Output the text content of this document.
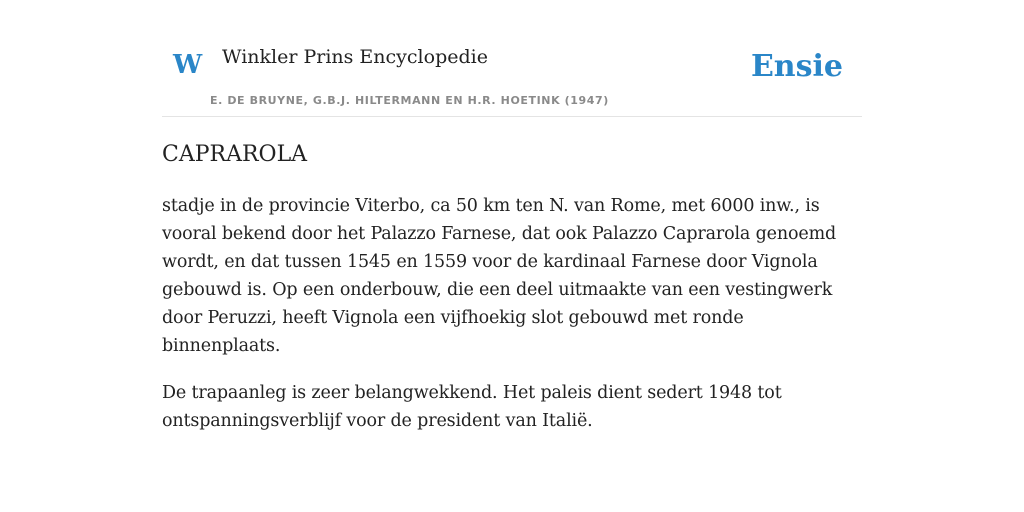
W Winkler Prins Encyclopedie
E. DE BRUYNE, G.B.J. HILTERMANN EN H.R. HOETINK (1947)
Ensie
CAPRAROLA

stadje in de provincie Viterbo, ca 50 km ten N. van Rome, met 6000 inw., is vooral bekend door het Palazzo Farnese, dat ook Palazzo Caprarola genoemd wordt, en dat tussen 1545 en 1559 voor de kardinaal Farnese door Vignola gebouwd is. Op een onderbouw, die een deel uitmaakte van een vestingwerk door Peruzzi, heeft Vignola een vijfhoekig slot gebouwd met ronde binnenplaats.

De trapaanleg is zeer belangwekkend. Het paleis dient sedert 1948 tot ontspanningsverblijf voor de president van Italië.
